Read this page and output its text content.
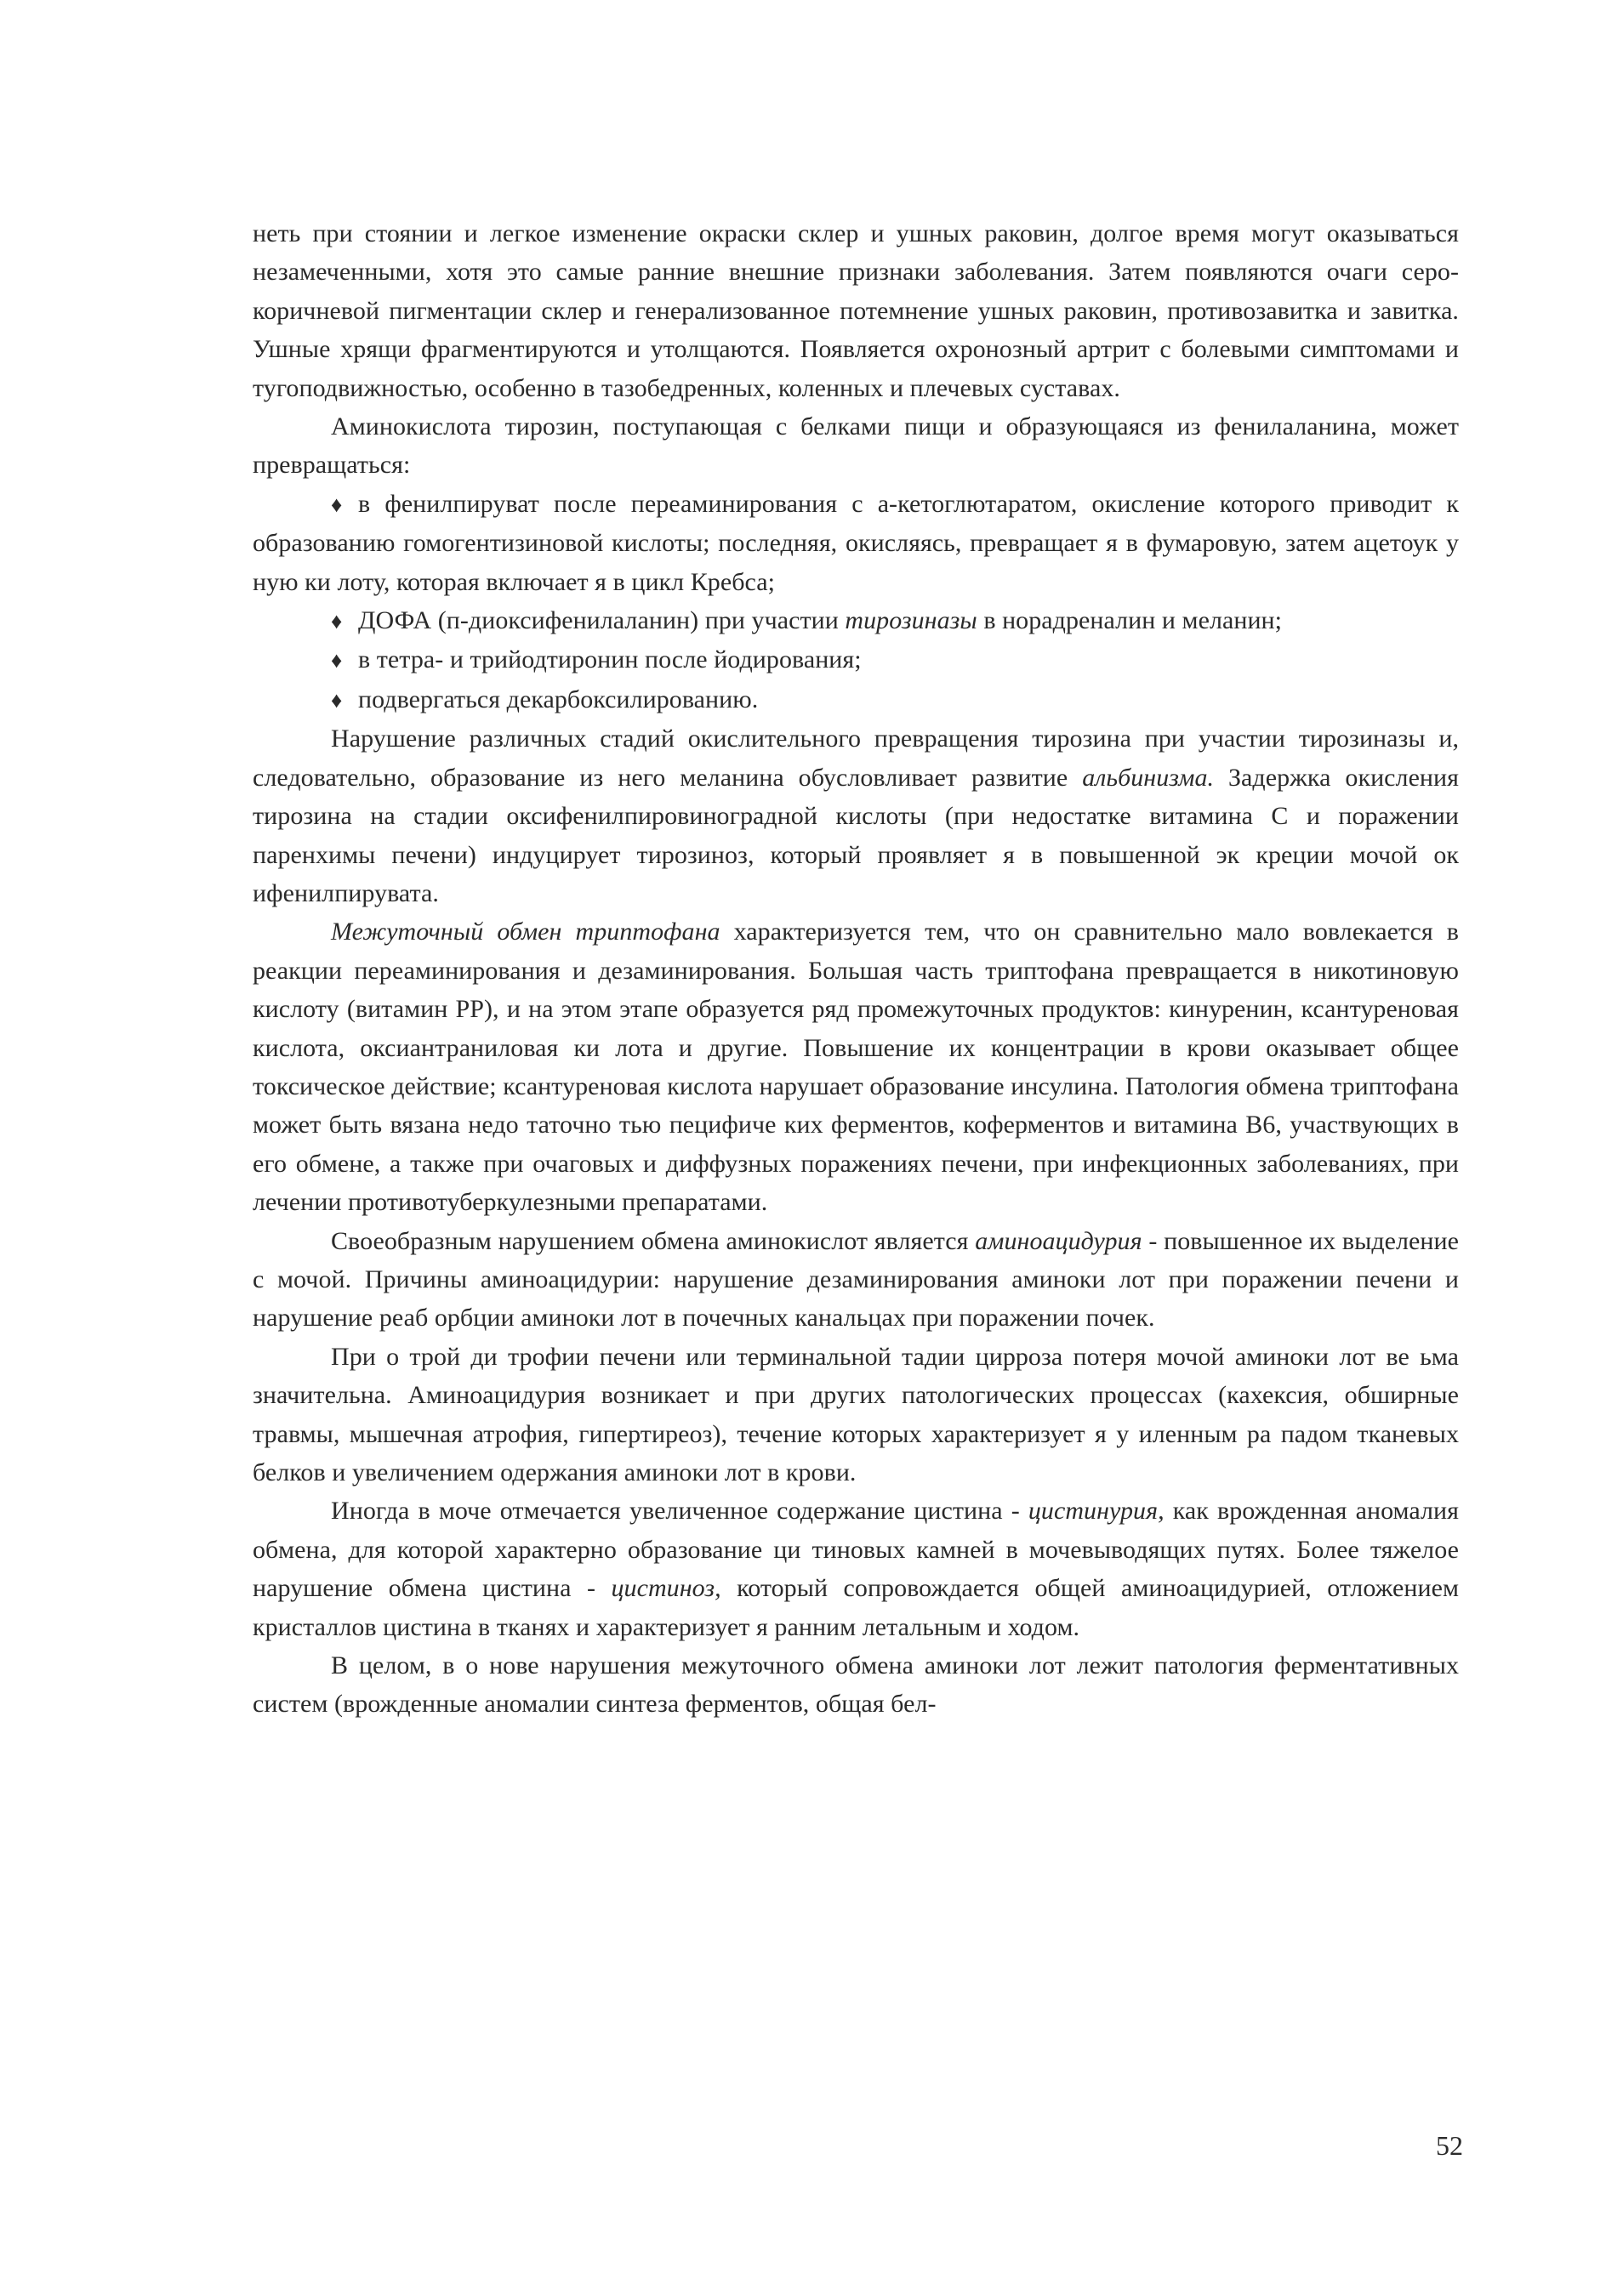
неть при стоянии и легкое изменение окраски склер и ушных раковин, долгое время могут оказываться незамеченными, хотя это самые ранние внешние признаки заболевания. Затем появляются очаги серо-коричневой пигментации склер и генерализованное потемнение ушных раковин, противозавитка и завитка. Ушные хрящи фрагментируются и утолщаются. Появляется охронозный артрит с болевыми симптомами и тугоподвижностью, особенно в тазобедренных, коленных и плечевых суставах.

Аминокислота тирозин, поступающая с белками пищи и образующаяся из фенилаланина, может превращаться:

♦ в фенилпируват после переаминирования с а-кетоглютаратом, окисление которого приводит к образованию гомогентизиновой кислоты; последняя, окисляясь, превращает я в фумаровую, затем ацетоук у ную ки лоту, которая включает я в цикл Кребса;

♦ ДОФА (п-диоксифенилаланин) при участии тирозиназы в норадреналин и меланин;

♦ в тетра- и трийодтиронин после йодирования;

♦ подвергаться декарбоксилированию.

Нарушение различных стадий окислительного превращения тирозина при участии тирозиназы и, следовательно, образование из него меланина обусловливает развитие альбинизма. Задержка окисления тирозина на стадии оксифенилпировиноградной кислоты (при недостатке витамина С и поражении паренхимы печени) индуцирует тирозиноз, который проявляет я в повышенной эк креции мочой ок ифенилпирувата.

Межуточный обмен триптофана характеризуется тем, что он сравнительно мало вовлекается в реакции переаминирования и дезаминирования. Большая часть триптофана превращается в никотиновую кислоту (витамин РР), и на этом этапе образуется ряд промежуточных продуктов: кинуренин, ксантуреновая кислота, оксиантраниловая ки лота и другие. Повышение их концентрации в крови оказывает общее токсическое действие; ксантуреновая кислота нарушает образование инсулина. Патология обмена триптофана может быть вязана недо таточно тью пецифиче ких ферментов, коферментов и витамина В6, участвующих в его обмене, а также при очаговых и диффузных поражениях печени, при инфекционных заболеваниях, при лечении противотуберкулезными препаратами.

Своеобразным нарушением обмена аминокислот является аминоацидурия - повышенное их выделение с мочой. Причины аминоацидурии: нарушение дезаминирования аминоки лот при поражении печени и нарушение реаб орбции аминоки лот в почечных канальцах при поражении почек.

При о трой ди трофии печени или терминальной тадии цирроза потеря мочой аминоки лот ве ьма значительна. Аминоацидурия возникает и при других патологических процессах (кахексия, обширные травмы, мышечная атрофия, гипертиреоз), течение которых характеризует я у иленным ра падом тканевых белков и увеличением одержания аминоки лот в крови.

Иногда в моче отмечается увеличенное содержание цистина - цистинурия, как врожденная аномалия обмена, для которой характерно образование ци тиновых камней в мочевыводящих путях. Более тяжелое нарушение обмена цистина - цистиноз, который сопровождается общей аминоацидурией, отложением кристаллов цистина в тканях и характеризует я ранним летальным и ходом.

В целом, в о нове нарушения межуточного обмена аминоки лот лежит патология ферментативных систем (врожденные аномалии синтеза ферментов, общая бел-

52
